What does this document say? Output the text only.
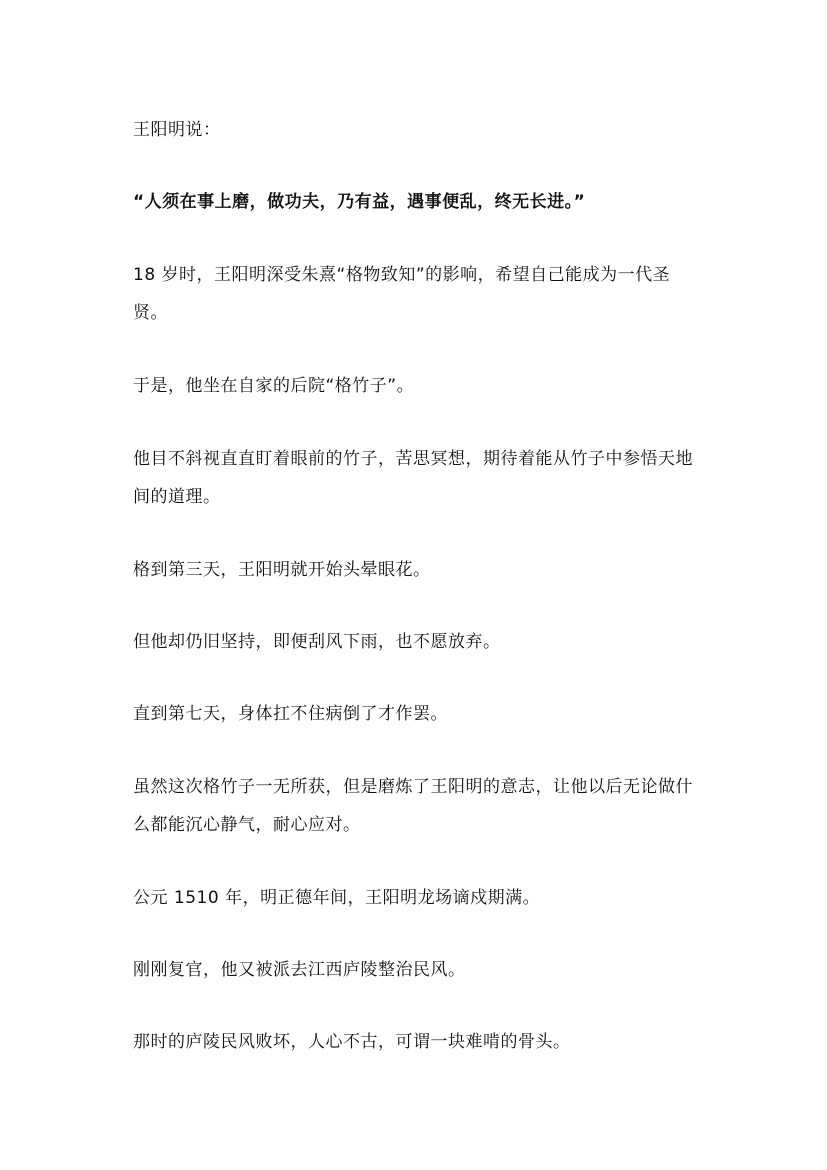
王阳明说：

“人须在事上磨，做功夫，乃有益，遇事便乱，终无长进。”

18 岁时，王阳明深受朱熹“格物致知”的影响，希望自己能成为一代圣贤。

于是，他坐在自家的后院“格竹子”。

他目不斜视直直盯着眼前的竹子，苦思冥想，期待着能从竹子中参悟天地间的道理。

格到第三天，王阳明就开始头晕眼花。

但他却仍旧坚持，即便刮风下雨，也不愿放弃。

直到第七天，身体扛不住病倒了才作罢。

虽然这次格竹子一无所获，但是磨炼了王阳明的意志，让他以后无论做什么都能沉心静气，耐心应对。

公元 1510 年，明正德年间，王阳明龙场谪戍期满。

刚刚复官，他又被派去江西庐陵整治民风。

那时的庐陵民风败坏，人心不古，可谓一块难啃的骨头。
